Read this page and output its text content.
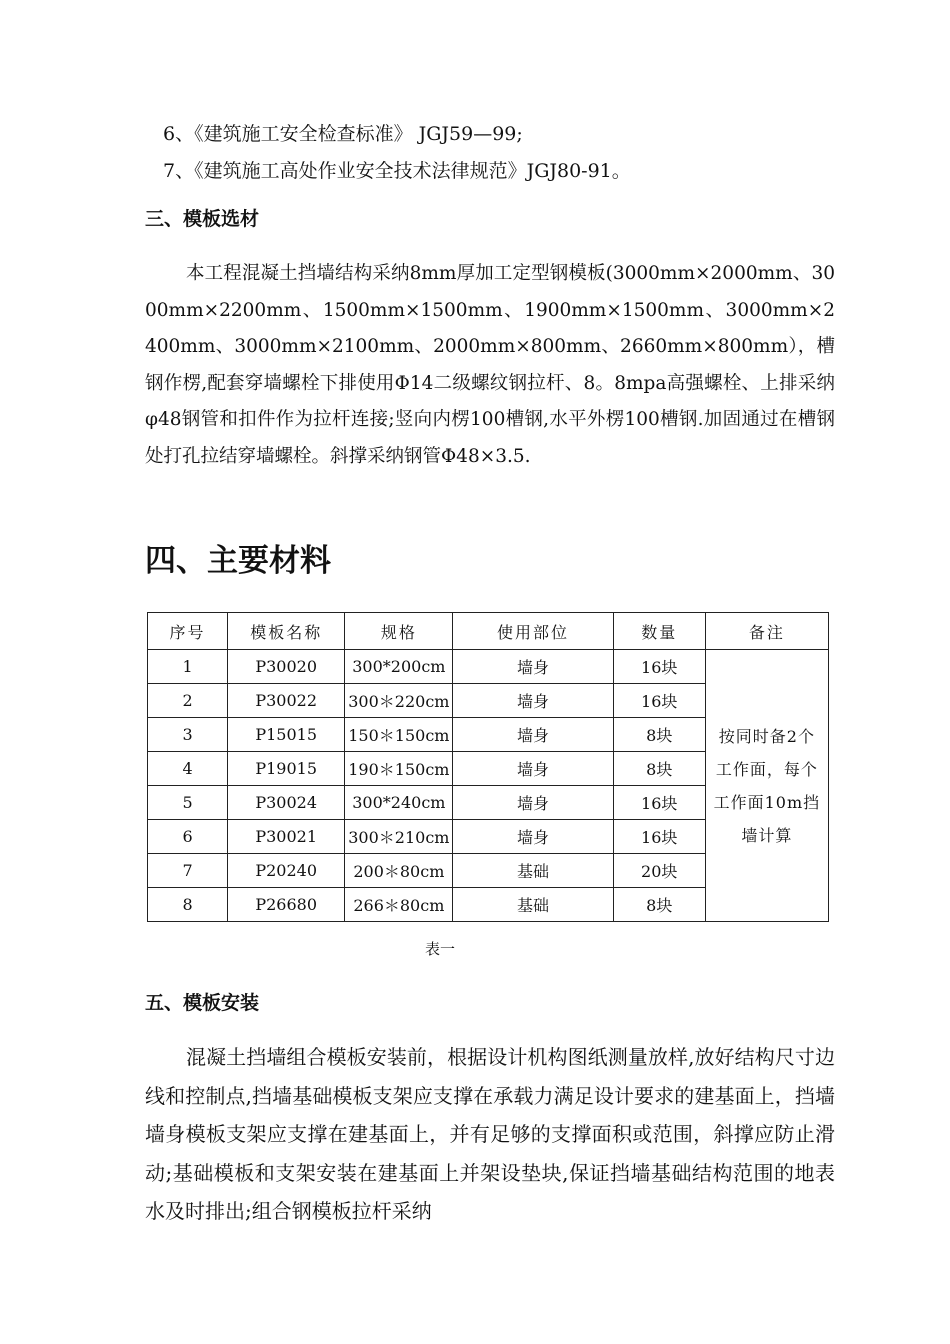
6、《建筑施工安全检查标准》 JGJ59—99;
7、《建筑施工高处作业安全技术法律规范》JGJ80-91。
三、模板选材

本工程混凝土挡墙结构采纳8mm厚加工定型钢模板(3000mm×2000mm、3000mm×2200mm、1500mm×1500mm、1900mm×1500mm、3000mm×2400mm、3000mm×2100mm、2000mm×800mm、2660mm×800mm），槽钢作楞,配套穿墙螺栓下排使用Φ14二级螺纹钢拉杆、8。8mpa高强螺栓、上排采纳φ48钢管和扣件作为拉杆连接;竖向内楞100槽钢,水平外楞100槽钢.加固通过在槽钢处打孔拉结穿墙螺栓。斜撑采纳钢管Φ48×3.5.

四、主要材料
序号	模板名称	规格	使用部位	数量	备注
1	P30020	300*200cm	墙身	16块	按同时备2个工作面，每个工作面10m挡墙计算
2	P30022	300＊220cm	墙身	16块	
3	P15015	150＊150cm	墙身	8块	
4	P19015	190＊150cm	墙身	8块	
5	P30024	300*240cm	墙身	16块	
6	P30021	300＊210cm	墙身	16块	
7	P20240	200＊80cm	基础	20块	
8	P26680	266＊80cm	基础	8块	
表一
五、模板安装

混凝土挡墙组合模板安装前，根据设计机构图纸测量放样,放好结构尺寸边线和控制点,挡墙基础模板支架应支撑在承载力满足设计要求的建基面上，挡墙墙身模板支架应支撑在建基面上，并有足够的支撑面积或范围，斜撑应防止滑动;基础模板和支架安装在建基面上并架设垫块,保证挡墙基础结构范围的地表水及时排出;组合钢模板拉杆采纳
